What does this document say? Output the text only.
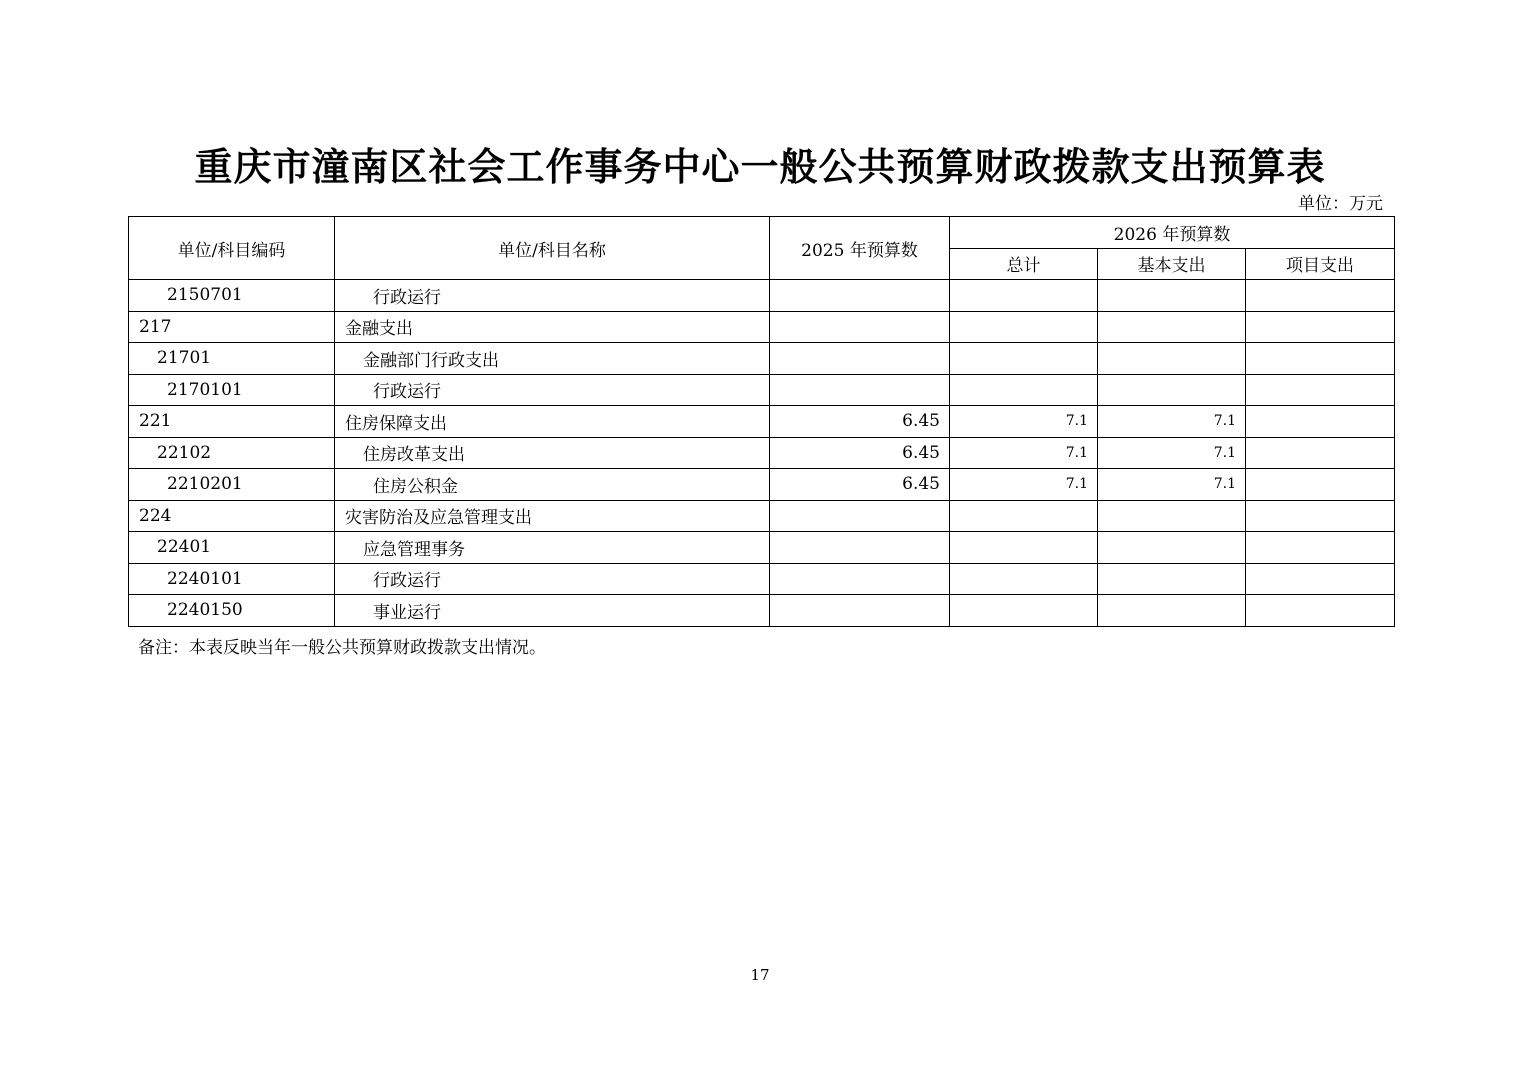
重庆市潼南区社会工作事务中心一般公共预算财政拨款支出预算表
单位：万元
单位/科目编码	单位/科目名称	2025 年预算数	2026 年预算数		
			总计	基本支出	项目支出
2150701	行政运行				
217	金融支出				
21701	金融部门行政支出				
2170101	行政运行				
221	住房保障支出	6.45	7.1	7.1	
22102	住房改革支出	6.45	7.1	7.1	
2210201	住房公积金	6.45	7.1	7.1	
224	灾害防治及应急管理支出				
22401	应急管理事务				
2240101	行政运行				
2240150	事业运行				
备注：本表反映当年一般公共预算财政拨款支出情况。
17
